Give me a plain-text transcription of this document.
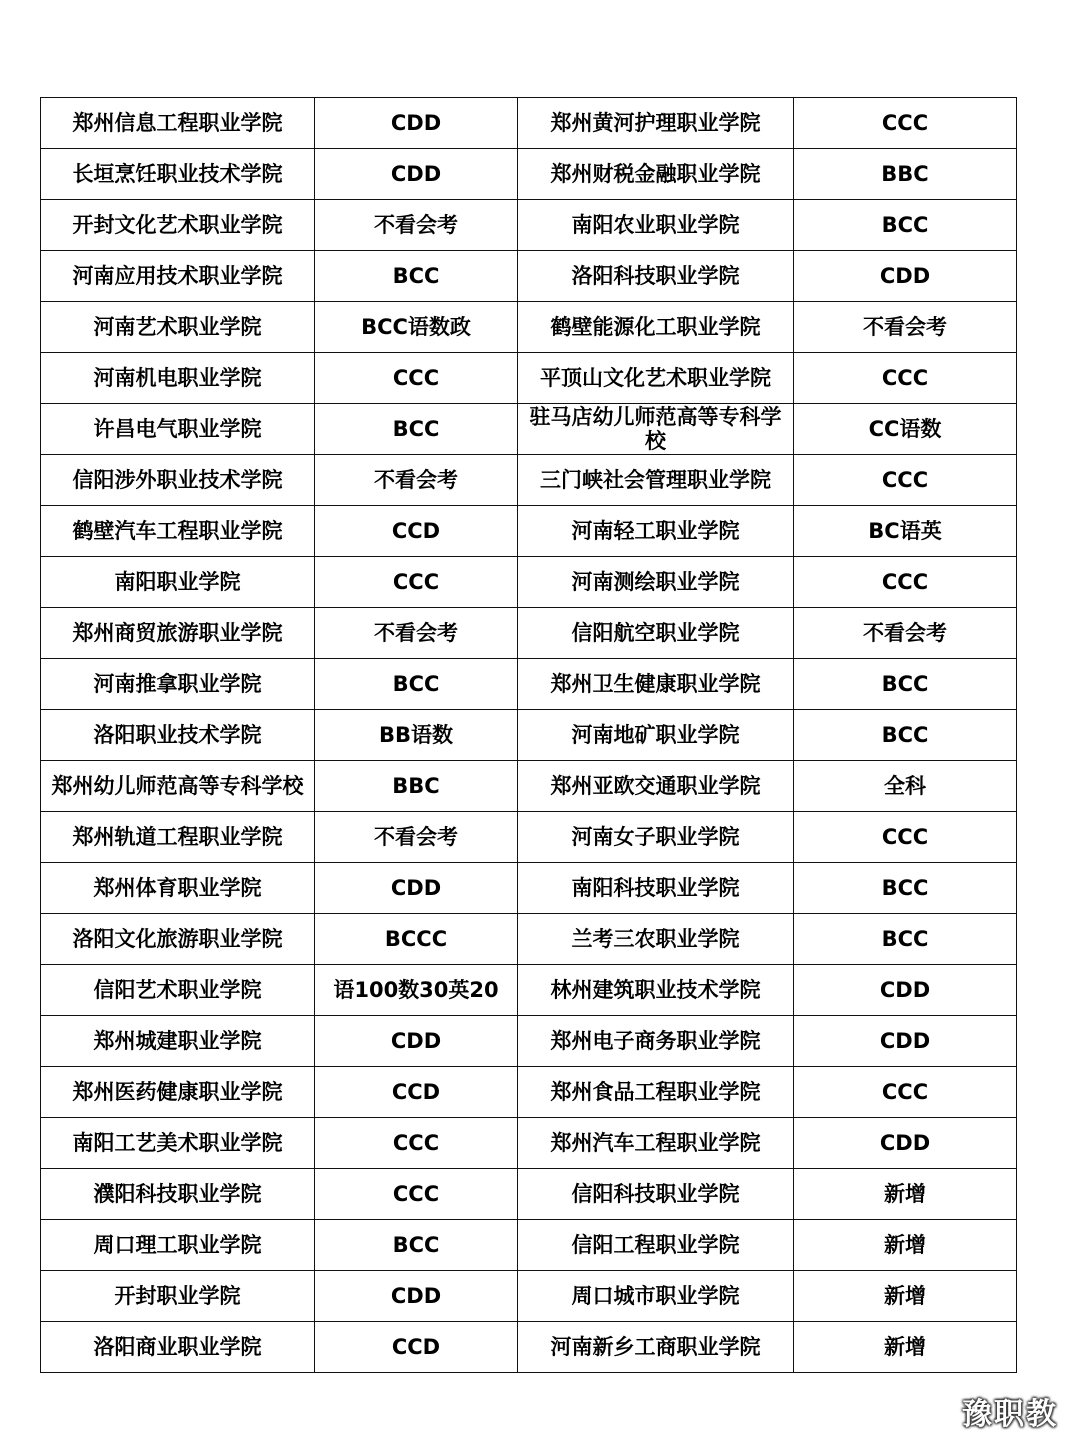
郑州信息工程职业学院	CDD	郑州黄河护理职业学院	CCC
长垣烹饪职业技术学院	CDD	郑州财税金融职业学院	BBC
开封文化艺术职业学院	不看会考	南阳农业职业学院	BCC
河南应用技术职业学院	BCC	洛阳科技职业学院	CDD
河南艺术职业学院	BCC语数政	鹤壁能源化工职业学院	不看会考
河南机电职业学院	CCC	平顶山文化艺术职业学院	CCC
许昌电气职业学院	BCC	驻马店幼儿师范高等专科学校	CC语数
信阳涉外职业技术学院	不看会考	三门峡社会管理职业学院	CCC
鹤壁汽车工程职业学院	CCD	河南轻工职业学院	BC语英
南阳职业学院	CCC	河南测绘职业学院	CCC
郑州商贸旅游职业学院	不看会考	信阳航空职业学院	不看会考
河南推拿职业学院	BCC	郑州卫生健康职业学院	BCC
洛阳职业技术学院	BB语数	河南地矿职业学院	BCC
郑州幼儿师范高等专科学校	BBC	郑州亚欧交通职业学院	全科
郑州轨道工程职业学院	不看会考	河南女子职业学院	CCC
郑州体育职业学院	CDD	南阳科技职业学院	BCC
洛阳文化旅游职业学院	BCCC	兰考三农职业学院	BCC
信阳艺术职业学院	语100数30英20	林州建筑职业技术学院	CDD
郑州城建职业学院	CDD	郑州电子商务职业学院	CDD
郑州医药健康职业学院	CCD	郑州食品工程职业学院	CCC
南阳工艺美术职业学院	CCC	郑州汽车工程职业学院	CDD
濮阳科技职业学院	CCC	信阳科技职业学院	新增
周口理工职业学院	BCC	信阳工程职业学院	新增
开封职业学院	CDD	周口城市职业学院	新增
洛阳商业职业学院	CCD	河南新乡工商职业学院	新增
豫职教
